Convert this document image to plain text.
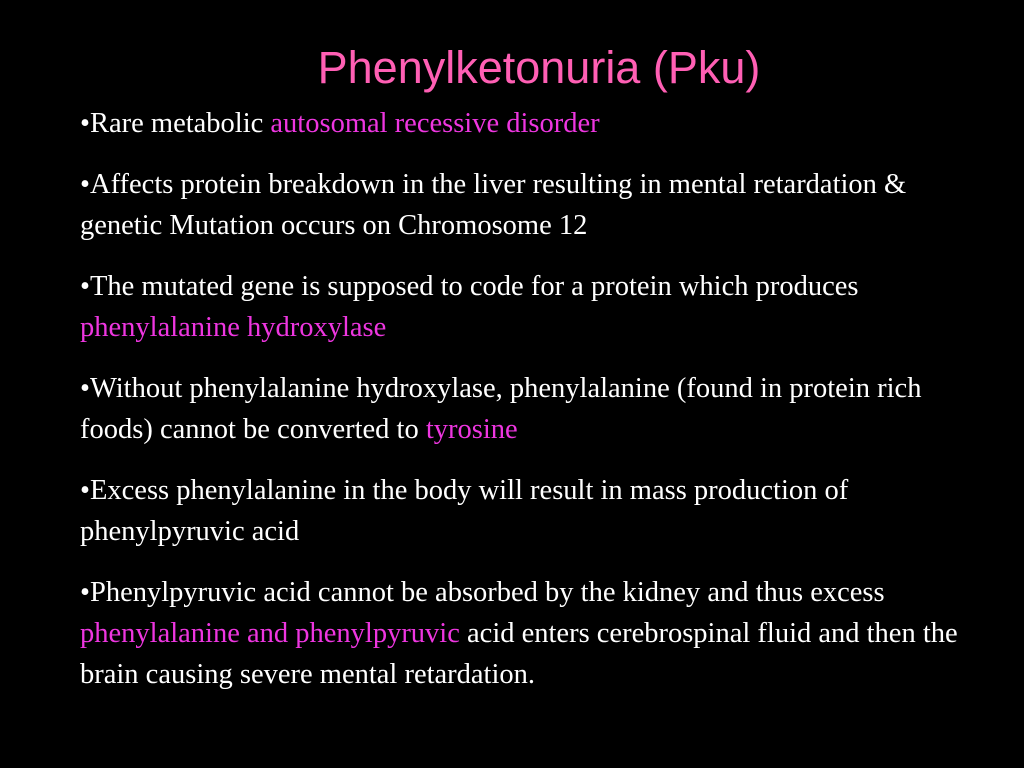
Phenylketonuria (Pku)
•Rare metabolic autosomal recessive disorder
•Affects protein breakdown in the liver resulting in mental retardation & genetic Mutation occurs on Chromosome 12
•The mutated gene is supposed to code for a protein which produces phenylalanine hydroxylase
•Without phenylalanine hydroxylase, phenylalanine (found in protein rich foods) cannot be converted to tyrosine
•Excess phenylalanine in the body will result in mass production of phenylpyruvic acid
•Phenylpyruvic acid cannot be absorbed by the kidney and thus excess phenylalanine and phenylpyruvic acid enters cerebrospinal fluid and then the brain causing severe mental retardation.
